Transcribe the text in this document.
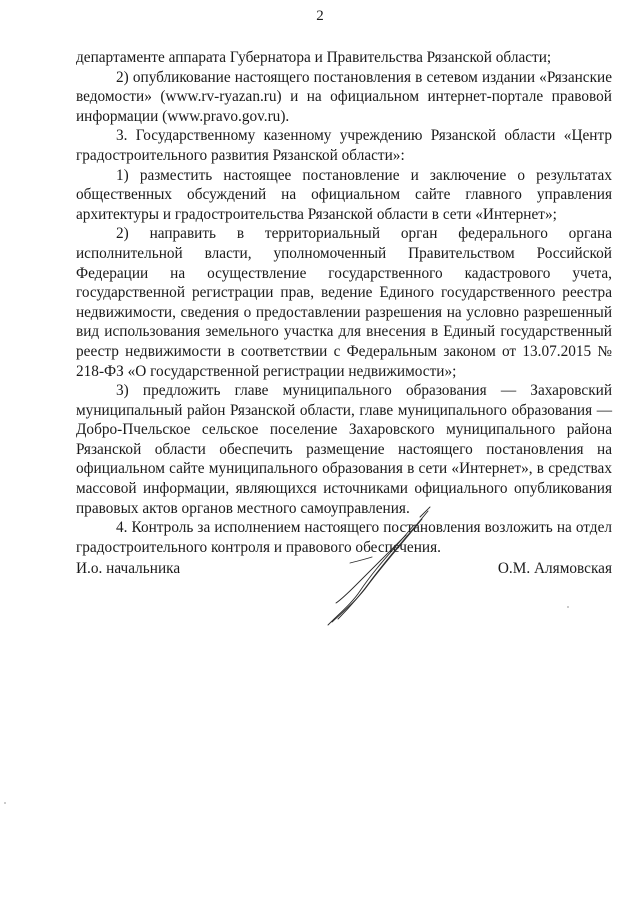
2

департаменте аппарата Губернатора и Правительства Рязанской области;

2) опубликование настоящего постановления в сетевом издании «Рязанские ведомости» (www.rv-ryazan.ru) и на официальном интернет-портале правовой информации (www.pravo.gov.ru).

3. Государственному казенному учреждению Рязанской области «Центр градостроительного развития Рязанской области»:

1) разместить настоящее постановление и заключение о результатах общественных обсуждений на официальном сайте главного управления архитектуры и градостроительства Рязанской области в сети «Интернет»;

2) направить в территориальный орган федерального органа исполнительной власти, уполномоченный Правительством Российской Федерации на осуществление государственного кадастрового учета, государственной регистрации прав, ведение Единого государственного реестра недвижимости, сведения о предоставлении разрешения на условно разрешенный вид использования земельного участка для внесения в Единый государственный реестр недвижимости в соответствии с Федеральным законом от 13.07.2015 № 218-ФЗ «О государственной регистрации недвижимости»;

3) предложить главе муниципального образования — Захаровский муниципальный район Рязанской области, главе муниципального образования — Добро-Пчельское сельское поселение Захаровского муниципального района Рязанской области обеспечить размещение настоящего постановления на официальном сайте муниципального образования в сети «Интернет», в средствах массовой информации, являющихся источниками официального опубликования правовых актов органов местного самоуправления.

4. Контроль за исполнением настоящего постановления возложить на отдел градостроительного контроля и правового обеспечения.

И.о. начальника	О.М. Алямовская
